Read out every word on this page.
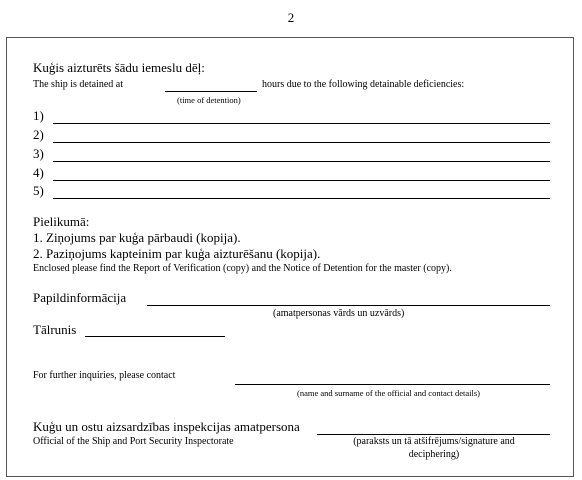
2
Kuģis aizturēts šādu iemeslu dēļ:
The ship is detained at	hours due to the following detainable deficiencies:
(time of detention)
1)
2)
3)
4)
5)
Pielikumā:
1. Ziņojums par kuģa pārbaudi (kopija).
2. Paziņojums kapteinim par kuģa aizturēšanu (kopija).
Enclosed please find the Report of Verification (copy) and the Notice of Detention for the master (copy).
Papildinformācija
(amatpersonas vārds un uzvārds)
Tālrunis
For further inquiries, please contact
(name and surname of the official and contact details)
Kuģu un ostu aizsardzības inspekcijas amatpersona
Official of the Ship and Port Security Inspectorate	(paraksts un tā atšifrējums/signature and
deciphering)
